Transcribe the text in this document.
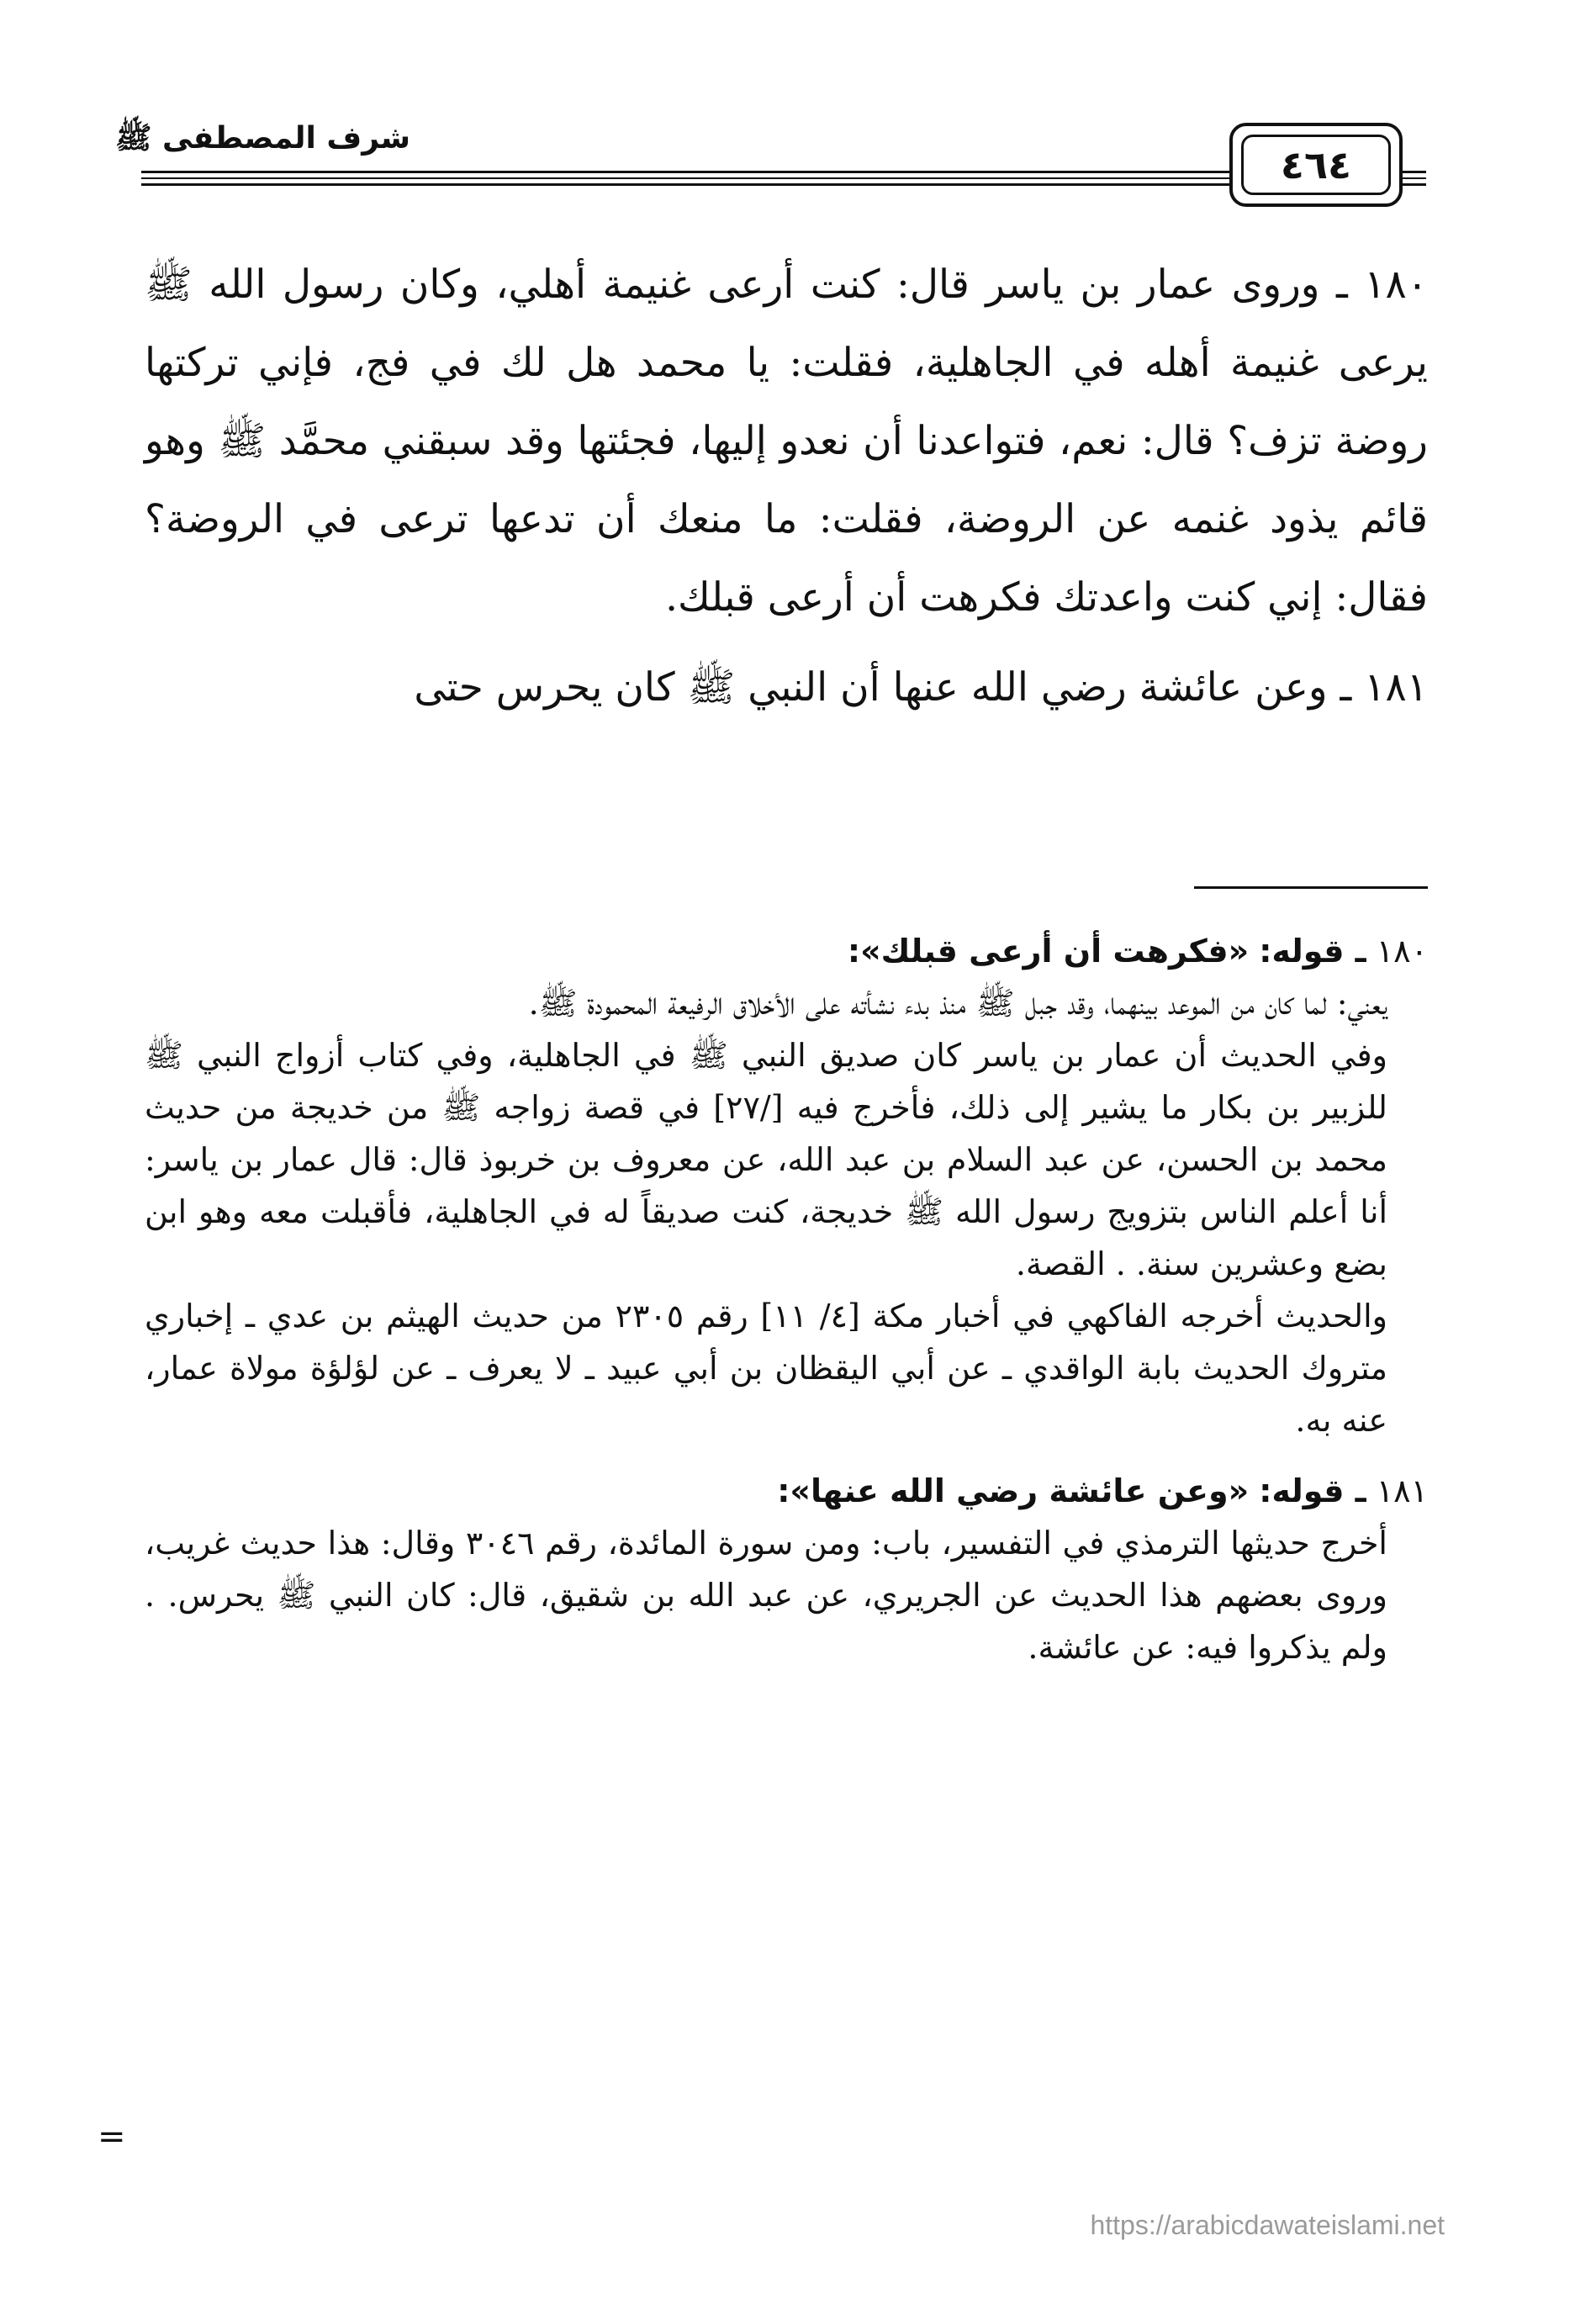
شرف المصطفى ﷺ
٤٦٤

١٨٠ ـ وروى عمار بن ياسر قال: كنت أرعى غنيمة أهلي، وكان رسول الله ﷺ يرعى غنيمة أهله في الجاهلية، فقلت: يا محمد هل لك في فج، فإني تركتها روضة تزف؟ قال: نعم، فتواعدنا أن نعدو إليها، فجئتها وقد سبقني محمَّد ﷺ وهو قائم يذود غنمه عن الروضة، فقلت: ما منعك أن تدعها ترعى في الروضة؟ فقال: إني كنت واعدتك فكرهت أن أرعى قبلك.

١٨١ ـ وعن عائشة رضي الله عنها أن النبي ﷺ كان يحرس حتى

١٨٠ ـ قوله: «فكرهت أن أرعى قبلك»:

يعني: لما كان من الموعد بينهما، وقد جبل ﷺ منذ بدء نشأته على الأخلاق الرفيعة المحمودة ﷺ.

وفي الحديث أن عمار بن ياسر كان صديق النبي ﷺ في الجاهلية، وفي كتاب أزواج النبي ﷺ للزبير بن بكار ما يشير إلى ذلك، فأخرج فيه [/٢٧] في قصة زواجه ﷺ من خديجة من حديث محمد بن الحسن، عن عبد السلام بن عبد الله، عن معروف بن خربوذ قال: قال عمار بن ياسر: أنا أعلم الناس بتزويج رسول الله ﷺ خديجة، كنت صديقاً له في الجاهلية، فأقبلت معه وهو ابن بضع وعشرين سنة. . القصة.

والحديث أخرجه الفاكهي في أخبار مكة [٤/ ١١] رقم ٢٣٠٥ من حديث الهيثم بن عدي ـ إخباري متروك الحديث بابة الواقدي ـ عن أبي اليقظان بن أبي عبيد ـ لا يعرف ـ عن لؤلؤة مولاة عمار، عنه به.

١٨١ ـ قوله: «وعن عائشة رضي الله عنها»:

أخرج حديثها الترمذي في التفسير، باب: ومن سورة المائدة، رقم ٣٠٤٦ وقال: هذا حديث غريب، وروى بعضهم هذا الحديث عن الجريري، عن عبد الله بن شقيق، قال: كان النبي ﷺ يحرس. . ولم يذكروا فيه: عن عائشة.

=
https://arabicdawateislami.net
